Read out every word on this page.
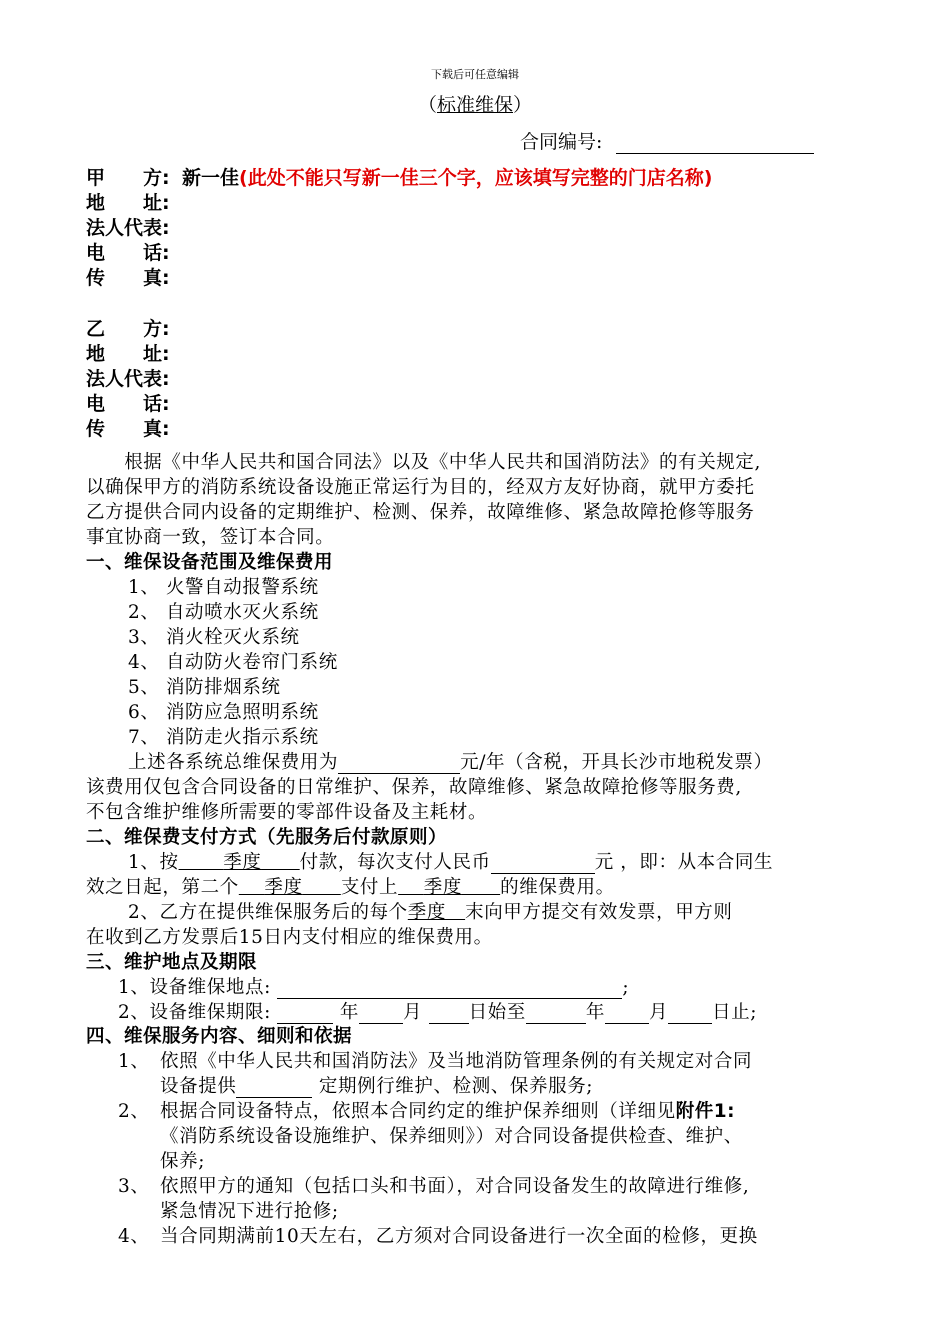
下载后可任意编辑
（标准维保）
合同编号:
甲　　方: 新一佳(此处不能只写新一佳三个字，应该填写完整的门店名称)
地　　址:
法人代表:
电　　话:
传　　真:
乙　　方:
地　　址:
法人代表:
电　　话:
传　　真:
　　根据《中华人民共和国合同法》以及《中华人民共和国消防法》的有关规定,
以确保甲方的消防系统设备设施正常运行为目的，经双方友好协商，就甲方委托
乙方提供合同内设备的定期维护、检测、保养，故障维修、紧急故障抢修等服务
事宜协商一致，签订本合同。
一、维保设备范围及维保费用
1、 火警自动报警系统
2、 自动喷水灭火系统
3、 消火栓灭火系统
4、 自动防火卷帘门系统
5、 消防排烟系统
6、 消防应急照明系统
7、 消防走火指示系统
上述各系统总维保费用为	元/年（含税，开具长沙市地税发票）
该费用仅包含合同设备的日常维护、保养，故障维修、紧急故障抢修等服务费,
不包含维护维修所需要的零部件设备及主耗材。
二、维保费支付方式（先服务后付款原则）
1、按　　 季度　　 付款，每次支付人民币	元 ，即：从本合同生
效之日起，第二个　 季度　　 支付上　 季度　　 的维保费用。
2、乙方在提供维保服务后的每个季度　 末向甲方提交有效发票，甲方则
在收到乙方发票后15日内支付相应的维保费用。
三、维护地点及期限
1、设备维保地点:	;
2、设备维保期限:	年 月	日始至	年 月 日止;
四、维保服务内容、细则和依据
1、 依照《中华人民共和国消防法》及当地消防管理条例的有关规定对合同
设备提供	定期例行维护、检测、保养服务;
2、 根据合同设备特点，依照本合同约定的维护保养细则（详细见附件1:
《消防系统设备设施维护、保养细则》）对合同设备提供检查、维护、
保养;
3、 依照甲方的通知（包括口头和书面），对合同设备发生的故障进行维修,
紧急情况下进行抢修;
4、 当合同期满前10天左右，乙方须对合同设备进行一次全面的检修，更换
